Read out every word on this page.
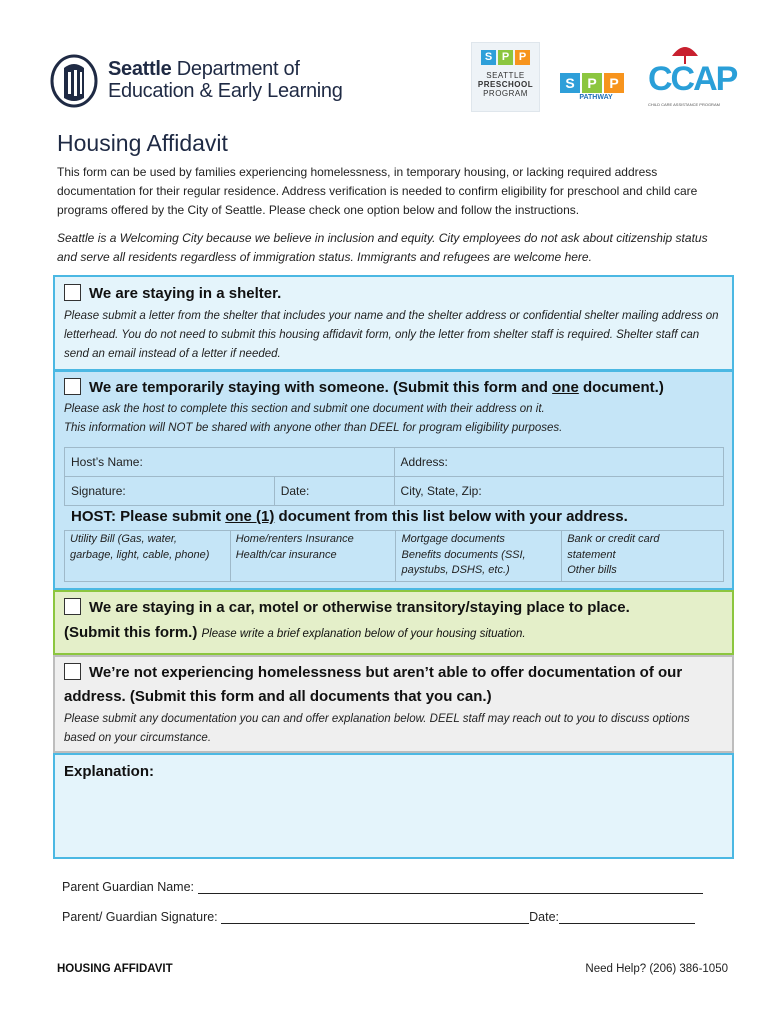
Seattle Department of
Education & Early Learning
S P P
SEATTLE
PRESCHOOL
PROGRAM
S P P
PATHWAY	CCAP
CHILD CARE ASSISTANCE PROGRAM
Housing Affidavit

This form can be used by families experiencing homelessness, in temporary housing, or lacking required address documentation for their regular residence. Address verification is needed to confirm eligibility for preschool and child care programs offered by the City of Seattle. Please check one option below and follow the instructions.

Seattle is a Welcoming City because we believe in inclusion and equity. City employees do not ask about citizenship status and serve all residents regardless of immigration status. Immigrants and refugees are welcome here.

We are staying in a shelter.
Please submit a letter from the shelter that includes your name and the shelter address or confidential shelter mailing address on letterhead. You do not need to submit this housing affidavit form, only the letter from shelter staff is required. Shelter staff can send an email instead of a letter if needed.
We are temporarily staying with someone. (Submit this form and one document.)
Please ask the host to complete this section and submit one document with their address on it.
This information will NOT be shared with anyone other than DEEL for program eligibility purposes.
Host’s Name:		Address:
Signature:	Date:	City, State, Zip:
HOST: Please submit one (1) document from this list below with your address.
Utility Bill (Gas, water,
garbage, light, cable, phone)

Home/renters Insurance
Health/car insurance

Mortgage documents
Benefits documents (SSI,
paystubs, DSHS, etc.)

Bank or credit card
statement
Other bills
We are staying in a car, motel or otherwise transitory/staying place to place.
(Submit this form.) Please write a brief explanation below of your housing situation.
We’re not experiencing homelessness but aren’t able to offer documentation of our
address. (Submit this form and all documents that you can.)
Please submit any documentation you can and offer explanation below. DEEL staff may reach out to you to discuss options based on your circumstance.
Explanation:
Parent Guardian Name:
Parent/ Guardian Signature:	Date:
HOUSING AFFIDAVIT	Need Help? (206) 386-1050
